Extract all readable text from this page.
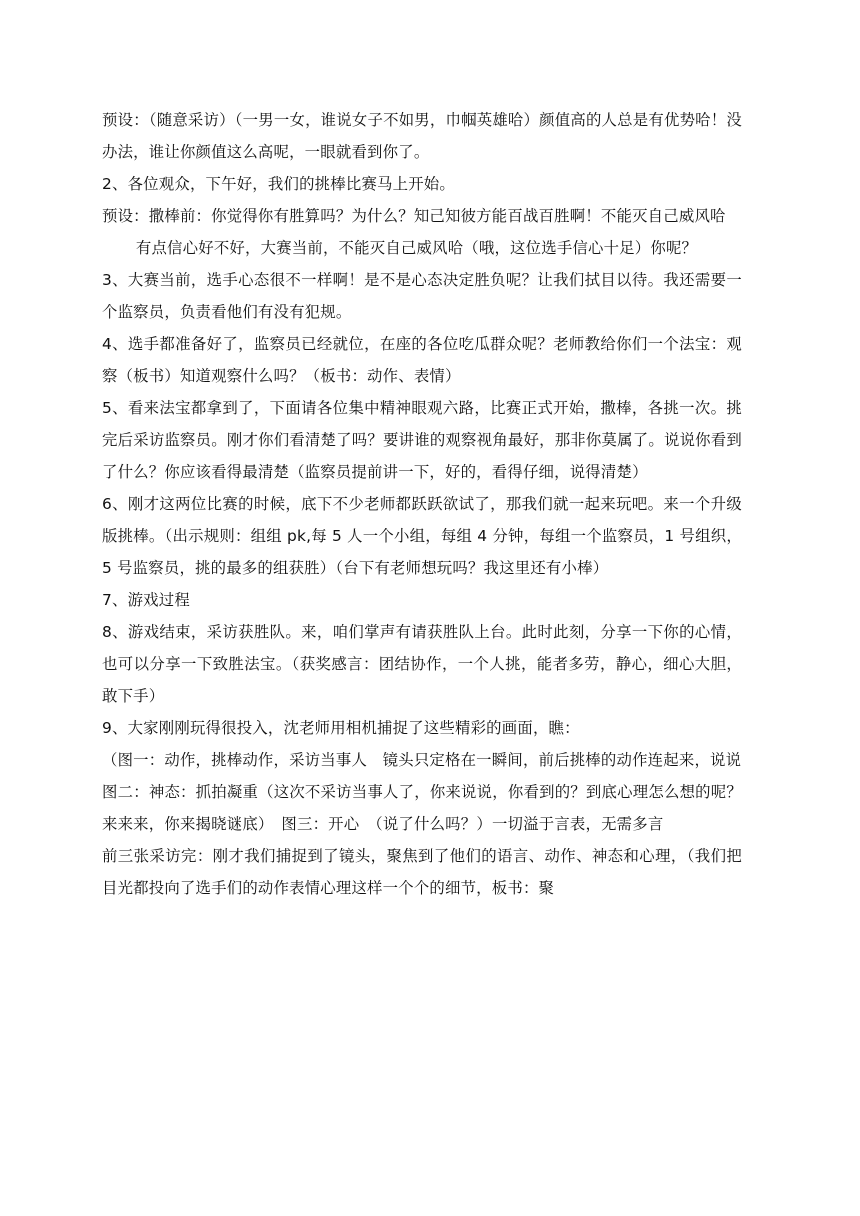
预设：（随意采访）（一男一女，谁说女子不如男，巾帼英雄哈）颜值高的人总是有优势哈！没办法，谁让你颜值这么高呢，一眼就看到你了。

2、各位观众，下午好，我们的挑棒比赛马上开始。

预设：撒棒前：你觉得你有胜算吗？为什么？知己知彼方能百战百胜啊！不能灭自己威风哈

有点信心好不好，大赛当前，不能灭自己威风哈（哦，这位选手信心十足）你呢？

3、大赛当前，选手心态很不一样啊！是不是心态决定胜负呢？让我们拭目以待。我还需要一个监察员，负责看他们有没有犯规。

4、选手都准备好了，监察员已经就位，在座的各位吃瓜群众呢？老师教给你们一个法宝：观察（板书）知道观察什么吗？（板书：动作、表情）

5、看来法宝都拿到了，下面请各位集中精神眼观六路，比赛正式开始，撒棒，各挑一次。挑完后采访监察员。刚才你们看清楚了吗？要讲谁的观察视角最好，那非你莫属了。说说你看到了什么？你应该看得最清楚（监察员提前讲一下，好的，看得仔细，说得清楚）

6、刚才这两位比赛的时候，底下不少老师都跃跃欲试了，那我们就一起来玩吧。来一个升级版挑棒。（出示规则：组组 pk,每 5 人一个小组，每组 4 分钟，每组一个监察员，1 号组织，5 号监察员，挑的最多的组获胜）（台下有老师想玩吗？我这里还有小棒）

7、游戏过程

8、游戏结束，采访获胜队。来，咱们掌声有请获胜队上台。此时此刻，分享一下你的心情，也可以分享一下致胜法宝。（获奖感言：团结协作，一个人挑，能者多劳，静心，细心大胆，敢下手）

9、大家刚刚玩得很投入，沈老师用相机捕捉了这些精彩的画面，瞧：

（图一：动作，挑棒动作，采访当事人　镜头只定格在一瞬间，前后挑棒的动作连起来，说说

图二：神态：抓拍凝重（这次不采访当事人了，你来说说，你看到的？到底心理怎么想的呢？来来来，你来揭晓谜底）　图三：开心　（说了什么吗？）一切溢于言表，无需多言

前三张采访完：刚才我们捕捉到了镜头，聚焦到了他们的语言、动作、神态和心理，（我们把目光都投向了选手们的动作表情心理这样一个个的细节，板书：聚
